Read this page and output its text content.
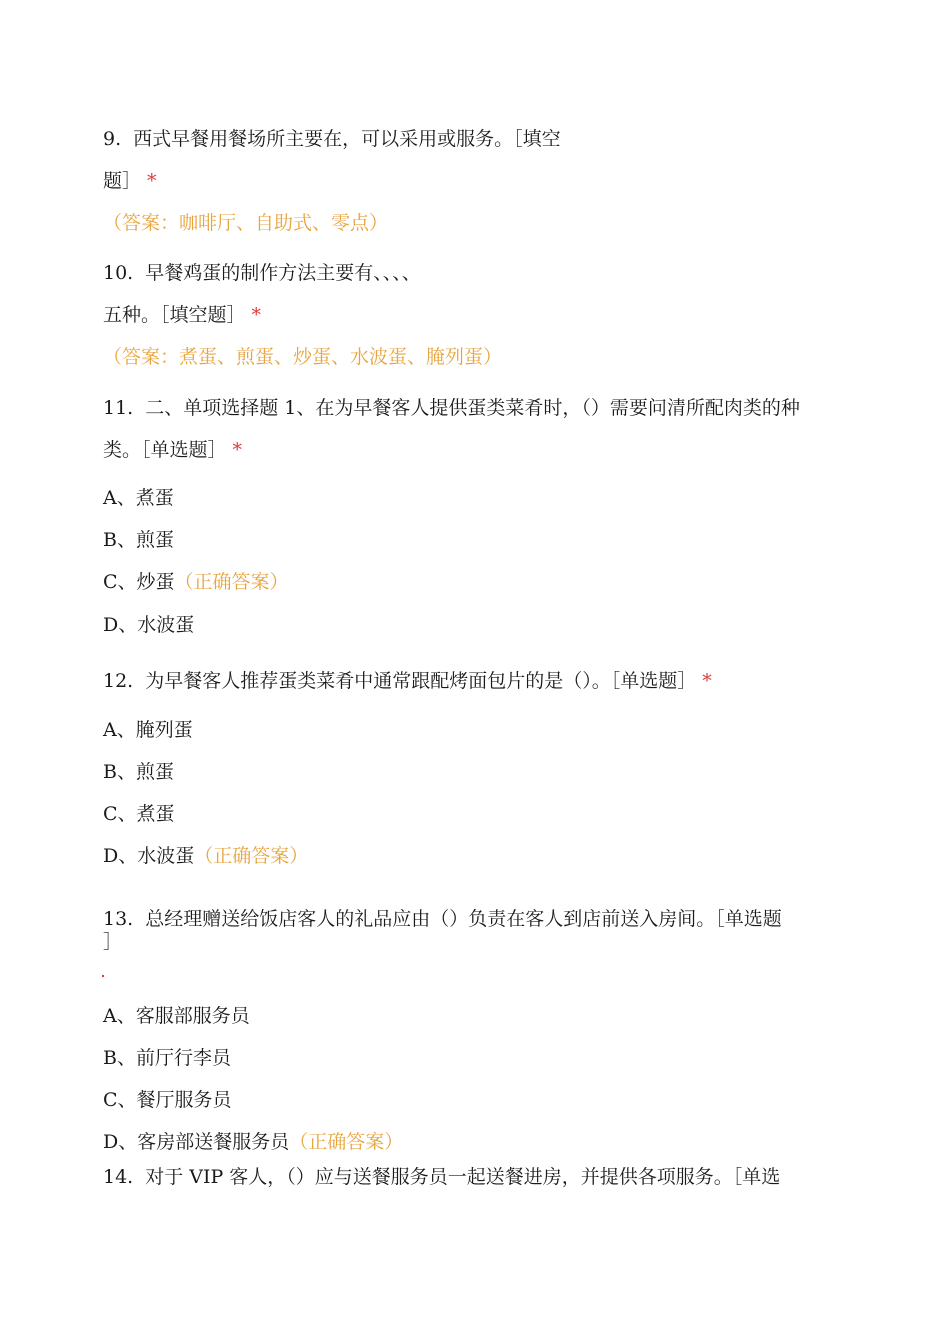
9. 西式早餐用餐场所主要在，可以采用或服务。［填空
题］ *
（答案：咖啡厅、自助式、零点）
10. 早餐鸡蛋的制作方法主要有、、、、
五种。［填空题］ *
（答案：煮蛋、煎蛋、炒蛋、水波蛋、腌列蛋）
11. 二、单项选择题 1、在为早餐客人提供蛋类菜肴时，（）需要问清所配肉类的种
类。［单选题］ *
A、煮蛋
B、煎蛋
C、炒蛋（正确答案）
D、水波蛋
12. 为早餐客人推荐蛋类菜肴中通常跟配烤面包片的是（）。［单选题］ *
A、腌列蛋
B、煎蛋
C、煮蛋
D、水波蛋（正确答案）
13. 总经理赠送给饭店客人的礼品应由（）负责在客人到店前送入房间。［单选题
］
A、客服部服务员
B、前厅行李员
C、餐厅服务员
D、客房部送餐服务员（正确答案）
14. 对于 VIP 客人，（）应与送餐服务员一起送餐进房，并提供各项服务。［单选
